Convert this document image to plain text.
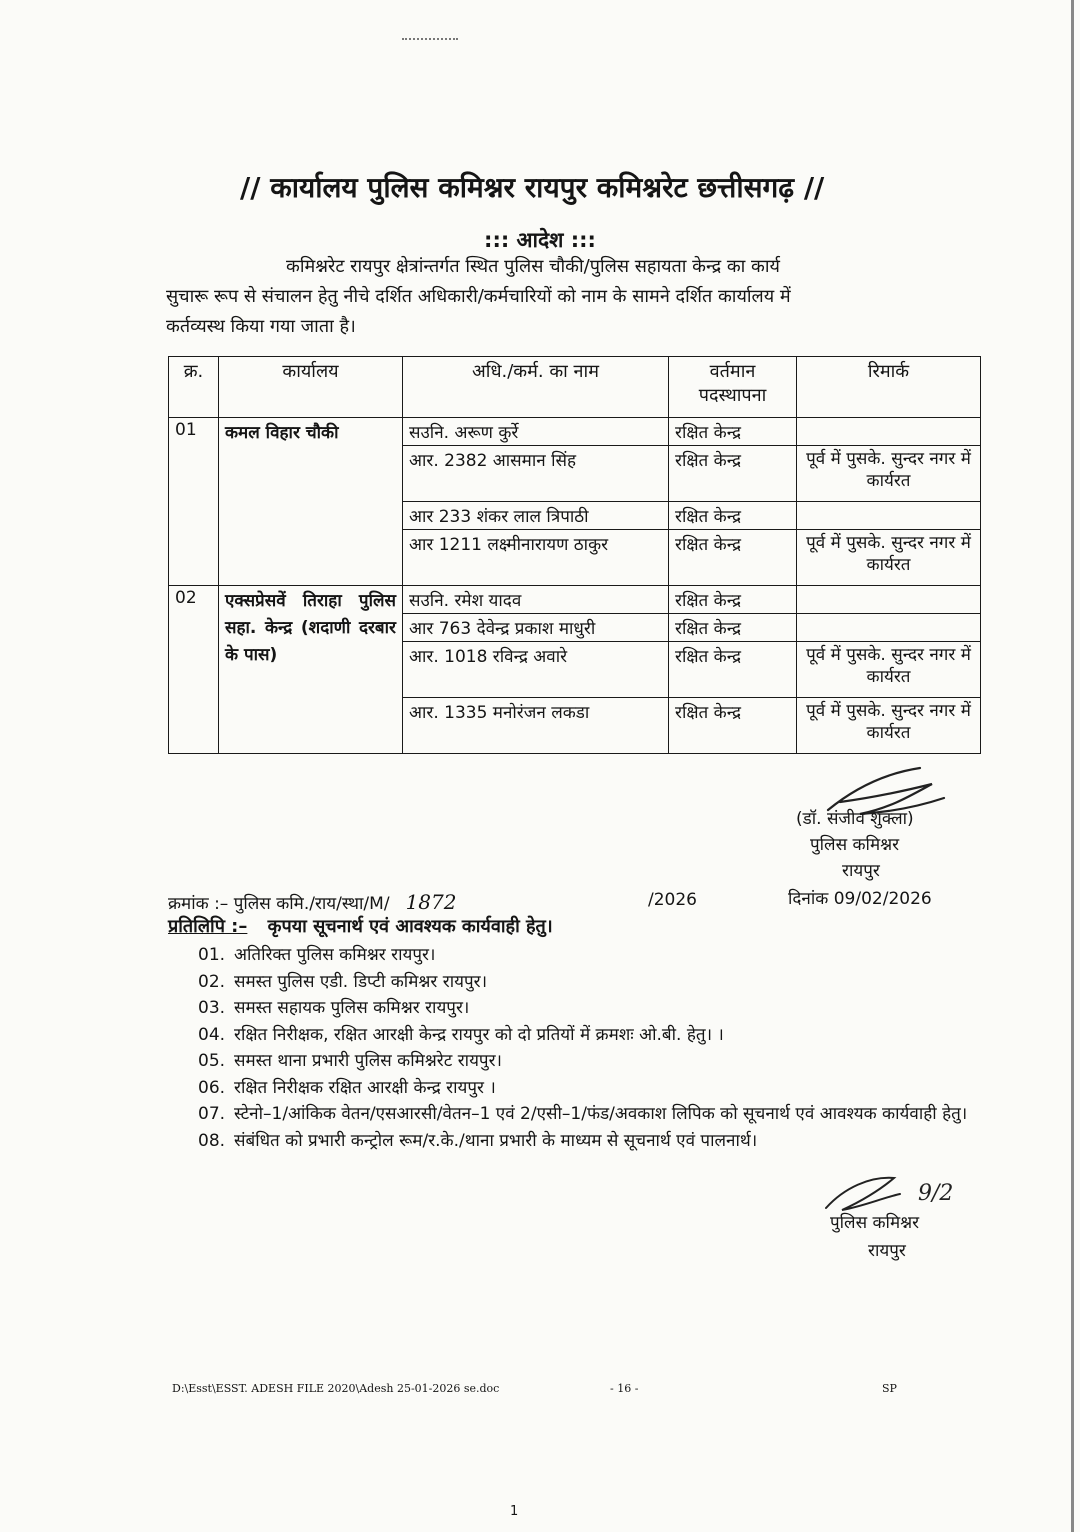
// कार्यालय पुलिस कमिश्नर रायपुर कमिश्नरेट छत्तीसगढ़ //
::: आदेश :::
कमिश्नरेट रायपुर क्षेत्रांन्तर्गत स्थित पुलिस चौकी/पुलिस सहायता केन्द्र का कार्य
सुचारू रूप से संचालन हेतु नीचे दर्शित अधिकारी/कर्मचारियों को नाम के सामने दर्शित कार्यालय में
कर्तव्यस्थ किया गया जाता है।
क्र.	कार्यालय	अधि./कर्म. का नाम	वर्तमान पदस्थापना	रिमार्क
01	कमल विहार चौकी	सउनि. अरूण कुर्रे	रक्षित केन्द्र	
		आर. 2382 आसमान सिंह	रक्षित केन्द्र	पूर्व में पुसके. सुन्दर नगर में कार्यरत
		आर 233 शंकर लाल त्रिपाठी	रक्षित केन्द्र	
		आर 1211 लक्ष्मीनारायण ठाकुर	रक्षित केन्द्र	पूर्व में पुसके. सुन्दर नगर में कार्यरत
02	एक्सप्रेसवें तिराहा पुलिस सहा. केन्द्र (शदाणी दरबार के पास)	सउनि. रमेश यादव	रक्षित केन्द्र	
		आर 763 देवेन्द्र प्रकाश माधुरी	रक्षित केन्द्र	
		आर. 1018 रविन्द्र अवारे	रक्षित केन्द्र	पूर्व में पुसके. सुन्दर नगर में कार्यरत
		आर. 1335 मनोरंजन लकडा	रक्षित केन्द्र	पूर्व में पुसके. सुन्दर नगर में कार्यरत
(डॉ. संजीव शुक्ला)
पुलिस कमिश्नर
रायपुर
क्रमांक :– पुलिस कमि./राय/स्था/M/ 1872	/2026	दिनांक 09/02/2026
प्रतिलिपि :– कृपया सूचनार्थ एवं आवश्यक कार्यवाही हेतु।
01. अतिरिक्त पुलिस कमिश्नर रायपुर।
02. समस्त पुलिस एडी. डिप्टी कमिश्नर रायपुर।
03. समस्त सहायक पुलिस कमिश्नर रायपुर।
04. रक्षित निरीक्षक, रक्षित आरक्षी केन्द्र रायपुर को दो प्रतियों में क्रमशः ओ.बी. हेतु। ।
05. समस्त थाना प्रभारी पुलिस कमिश्नरेट रायपुर।
06. रक्षित निरीक्षक रक्षित आरक्षी केन्द्र रायपुर ।
07. स्टेनो–1/आंकिक वेतन/एसआरसी/वेतन–1 एवं 2/एसी–1/फंड/अवकाश लिपिक को सूचनार्थ एवं आवश्यक कार्यवाही हेतु।
08. संबंधित को प्रभारी कन्ट्रोल रूम/र.के./थाना प्रभारी के माध्यम से सूचनार्थ एवं पालनार्थ।
9/2
पुलिस कमिश्नर
रायपुर
D:\Esst\ESST. ADESH FILE 2020\Adesh 25-01-2026 se.doc	- 16 -	SP
1
